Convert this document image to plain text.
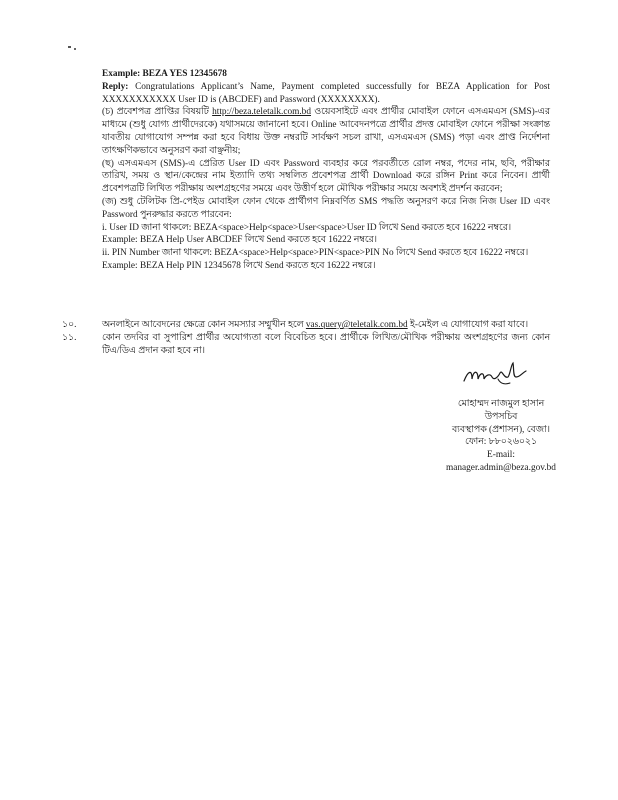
Example: BEZA YES 12345678

Reply: Congratulations Applicant’s Name, Payment completed successfully for BEZA Application for Post XXXXXXXXXXX User ID is (ABCDEF) and Password (XXXXXXXX).

(চ) প্রবেশপত্র প্রাপ্তির বিষয়টি http://beza.teletalk.com.bd ওয়েবসাইটে এবং প্রার্থীর মোবাইল ফোনে এসএমএস (SMS)-এর মাধ্যমে (শুধু যোগ্য প্রার্থীদেরকে) যথাসময়ে জানানো হবে। Online আবেদনপত্রে প্রার্থীর প্রদত্ত মোবাইল ফোনে পরীক্ষা সংক্রান্ত যাবতীয় যোগাযোগ সম্পন্ন করা হবে বিধায় উক্ত নম্বরটি সার্বক্ষণ সচল রাখা, এসএমএস (SMS) পড়া এবং প্রাপ্ত নির্দেশনা তাৎক্ষণিকভাবে অনুসরণ করা বাঞ্ছনীয়;

(ছ) এসএমএস (SMS)-এ প্রেরিত User ID এবং Password ব্যবহার করে পরবর্তীতে রোল নম্বর, পদের নাম, ছবি, পরীক্ষার তারিখ, সময় ও স্থান/কেন্দ্রের নাম ইত্যাদি তথ্য সম্বলিত প্রবেশপত্র প্রার্থী Download করে রঙ্গিন Print করে নিবেন। প্রার্থী প্রবেশপত্রটি লিখিত পরীক্ষায় অংশগ্রহণের সময়ে এবং উত্তীর্ণ হলে মৌখিক পরীক্ষার সময়ে অবশ্যই প্রদর্শন করবেন;

(জ) শুধু টেলিটক প্রি-পেইড মোবাইল ফোন থেকে প্রার্থীগণ নিম্নবর্ণিত SMS পদ্ধতি অনুসরণ করে নিজ নিজ User ID এবং Password পুনরুদ্ধার করতে পারবেন:

i. User ID জানা থাকলে: BEZA<space>Help<space>User<space>User ID লিখে Send করতে হবে 16222 নম্বরে।

Example: BEZA Help User ABCDEF লিখে Send করতে হবে 16222 নম্বরে।

ii. PIN Number জানা থাকলে: BEZA<space>Help<space>PIN<space>PIN No লিখে Send করতে হবে 16222 নম্বরে।

Example: BEZA Help PIN 12345678 লিখে Send করতে হবে 16222 নম্বরে।

১০.	অনলাইনে আবেদনের ক্ষেত্রে কোন সমস্যার সম্মুখীন হলে vas.query@teletalk.com.bd ই-মেইল এ যোগাযোগ করা যাবে।
১১.	কোন তদবির বা সুপারিশ প্রার্থীর অযোগ্যতা বলে বিবেচিত হবে। প্রার্থীকে লিখিত/মৌখিক পরীক্ষায় অংশগ্রহণের জন্য কোন টিএ/ডিএ প্রদান করা হবে না।
মোহাম্মদ নাজমুল হাসান
উপসচিব
ব্যবস্থাপক (প্রশাসন), বেজা।
ফোন: ৮৮০২৬০২১
E-mail:
manager.admin@beza.gov.bd
